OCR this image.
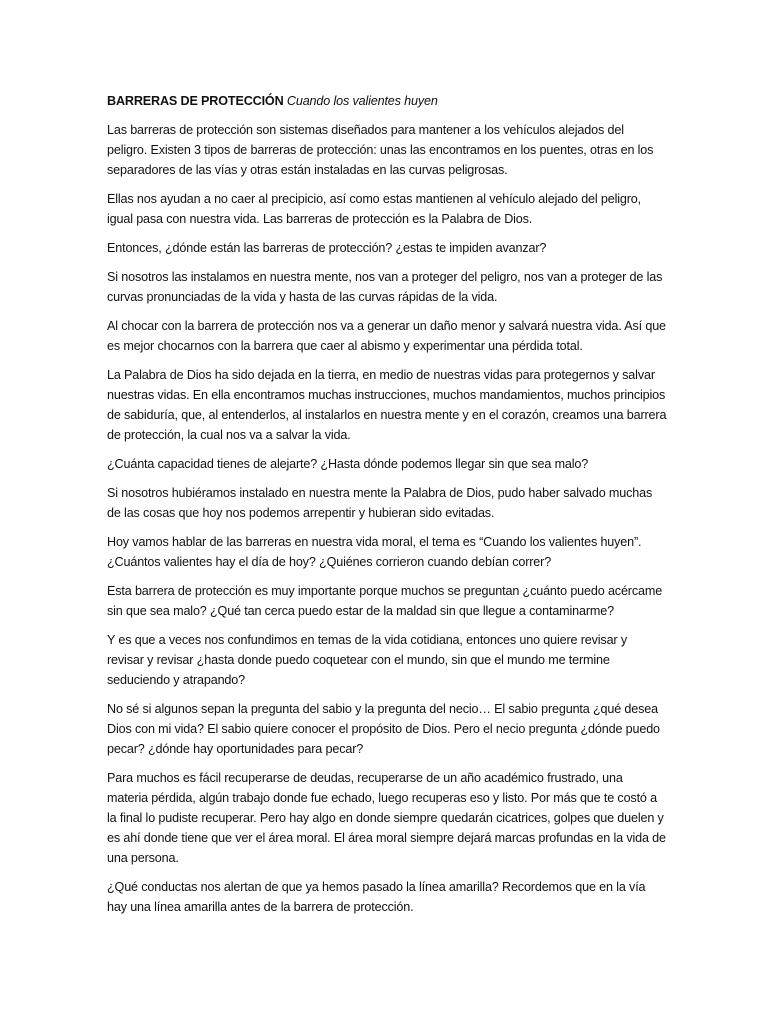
BARRERAS DE PROTECCIÓN Cuando los valientes huyen

Las barreras de protección son sistemas diseñados para mantener a los vehículos alejados del peligro. Existen 3 tipos de barreras de protección: unas las encontramos en los puentes, otras en los separadores de las vías y otras están instaladas en las curvas peligrosas.

Ellas nos ayudan a no caer al precipicio, así como estas mantienen al vehículo alejado del peligro, igual pasa con nuestra vida. Las barreras de protección es la Palabra de Dios.

Entonces, ¿dónde están las barreras de protección? ¿estas te impiden avanzar?

Si nosotros las instalamos en nuestra mente, nos van a proteger del peligro, nos van a proteger de las curvas pronunciadas de la vida y hasta de las curvas rápidas de la vida.

Al chocar con la barrera de protección nos va a generar un daño menor y salvará nuestra vida. Así que es mejor chocarnos con la barrera que caer al abismo y experimentar una pérdida total.

La Palabra de Dios ha sido dejada en la tierra, en medio de nuestras vidas para protegernos y salvar nuestras vidas. En ella encontramos muchas instrucciones, muchos mandamientos, muchos principios de sabiduría, que, al entenderlos, al instalarlos en nuestra mente y en el corazón, creamos una barrera de protección, la cual nos va a salvar la vida.

¿Cuánta capacidad tienes de alejarte? ¿Hasta dónde podemos llegar sin que sea malo?

Si nosotros hubiéramos instalado en nuestra mente la Palabra de Dios, pudo haber salvado muchas de las cosas que hoy nos podemos arrepentir y hubieran sido evitadas.

Hoy vamos hablar de las barreras en nuestra vida moral, el tema es “Cuando los valientes huyen”. ¿Cuántos valientes hay el día de hoy? ¿Quiénes corrieron cuando debían correr?

Esta barrera de protección es muy importante porque muchos se preguntan ¿cuánto puedo acércame sin que sea malo? ¿Qué tan cerca puedo estar de la maldad sin que llegue a contaminarme?

Y es que a veces nos confundimos en temas de la vida cotidiana, entonces uno quiere revisar y revisar y revisar ¿hasta donde puedo coquetear con el mundo, sin que el mundo me termine seduciendo y atrapando?

No sé si algunos sepan la pregunta del sabio y la pregunta del necio… El sabio pregunta ¿qué desea Dios con mi vida? El sabio quiere conocer el propósito de Dios. Pero el necio pregunta ¿dónde puedo pecar? ¿dónde hay oportunidades para pecar?

Para muchos es fácil recuperarse de deudas, recuperarse de un año académico frustrado, una materia pérdida, algún trabajo donde fue echado, luego recuperas eso y listo. Por más que te costó a la final lo pudiste recuperar. Pero hay algo en donde siempre quedarán cicatrices, golpes que duelen y es ahí donde tiene que ver el área moral. El área moral siempre dejará marcas profundas en la vida de una persona.

¿Qué conductas nos alertan de que ya hemos pasado la línea amarilla? Recordemos que en la vía hay una línea amarilla antes de la barrera de protección.
